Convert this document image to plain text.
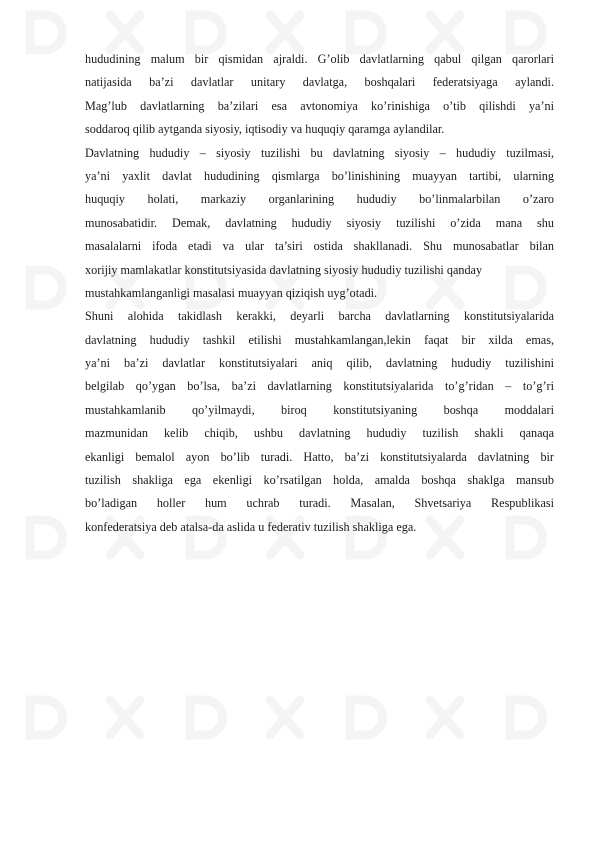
hududining malum bir qismidan ajraldi. G’olib davlatlarning qabul qilgan qarorlari
natijasida ba’zi davlatlar unitary davlatga, boshqalari federatsiyaga aylandi.
Mag’lub davlatlarning ba’zilari esa avtonomiya ko’rinishiga o’tib qilishdi ya’ni
soddaroq qilib aytganda siyosiy, iqtisodiy va huquqiy qaramga aylandilar.
Davlatning hududiy – siyosiy tuzilishi bu davlatning siyosiy – hududiy tuzilmasi,
ya’ni yaxlit davlat hududining qismlarga bo’linishining muayyan tartibi, ularning
huquqiy holati, markaziy organlarining hududiy bo’linmalarbilan o’zaro
munosabatidir. Demak, davlatning hududiy siyosiy tuzilishi o’zida mana shu
masalalarni ifoda etadi va ular ta’siri ostida shakllanadi. Shu munosabatlar bilan
xorijiy mamlakatlar konstitutsiyasida davlatning siyosiy hududiy tuzilishi qanday
mustahkamlanganligi masalasi muayyan qiziqish uyg’otadi.
Shuni alohida takidlash kerakki, deyarli barcha davlatlarning konstitutsiyalarida
davlatning hududiy tashkil etilishi mustahkamlangan,lekin faqat bir xilda emas,
ya’ni ba’zi davlatlar konstitutsiyalari aniq qilib, davlatning hududiy tuzilishini
belgilab qo’ygan bo’lsa, ba’zi davlatlarning konstitutsiyalarida to’g’ridan – to’g’ri
mustahkamlanib qo’yilmaydi, biroq konstitutsiyaning boshqa moddalari
mazmunidan kelib chiqib, ushbu davlatning hududiy tuzilish shakli qanaqa
ekanligi bemalol ayon bo’lib turadi. Hatto, ba’zi konstitutsiyalarda davlatning bir
tuzilish shakliga ega ekenligi ko’rsatilgan holda, amalda boshqa shaklga mansub
bo’ladigan holler hum uchrab turadi. Masalan, Shvetsariya Respublikasi
konfederatsiya deb atalsa-da aslida u federativ tuzilish shakliga ega.
